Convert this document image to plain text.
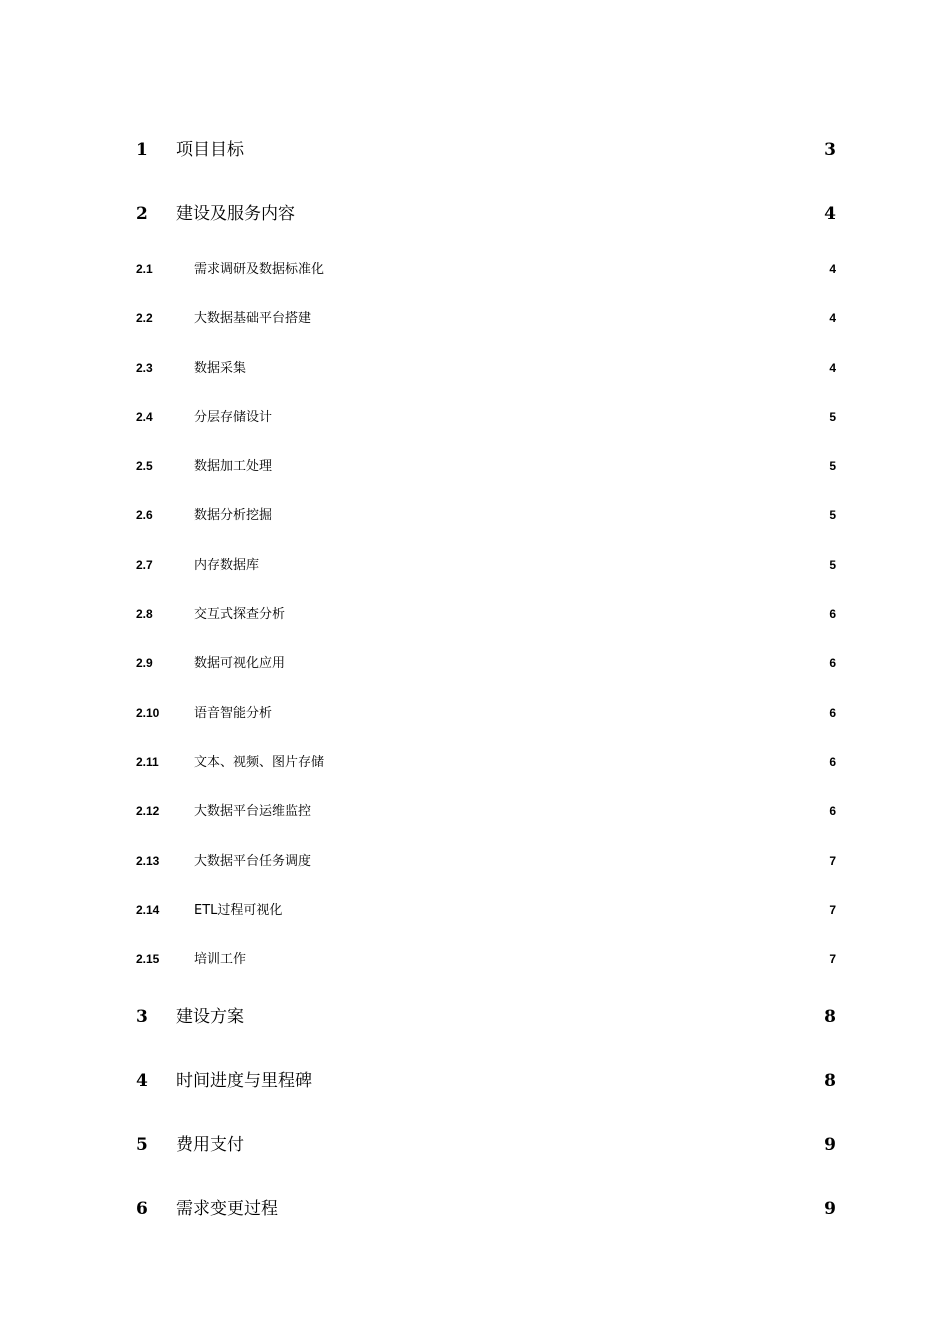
1	项目目标 .....	3
2	建设及服务内容 .....	4
2.1	需求调研及数据标准化 .....	4
2.2	大数据基础平台搭建 .....	4
2.3	数据采集 .....	4
2.4	分层存储设计 .....	5
2.5	数据加工处理 .....	5
2.6	数据分析挖掘 .....	5
2.7	内存数据库 .....	5
2.8	交互式探查分析 .....	6
2.9	数据可视化应用 .....	6
2.10	语音智能分析 .....	6
2.11	文本、视频、图片存储 .....	6
2.12	大数据平台运维监控 .....	6
2.13	大数据平台任务调度 .....	7
2.14	ETL过程可视化 .....	7
2.15	培训工作 .....	7
3	建设方案 .....	8
4	时间进度与里程碑 .....	8
5	费用支付 .....	9
6	需求变更过程 .....	9
